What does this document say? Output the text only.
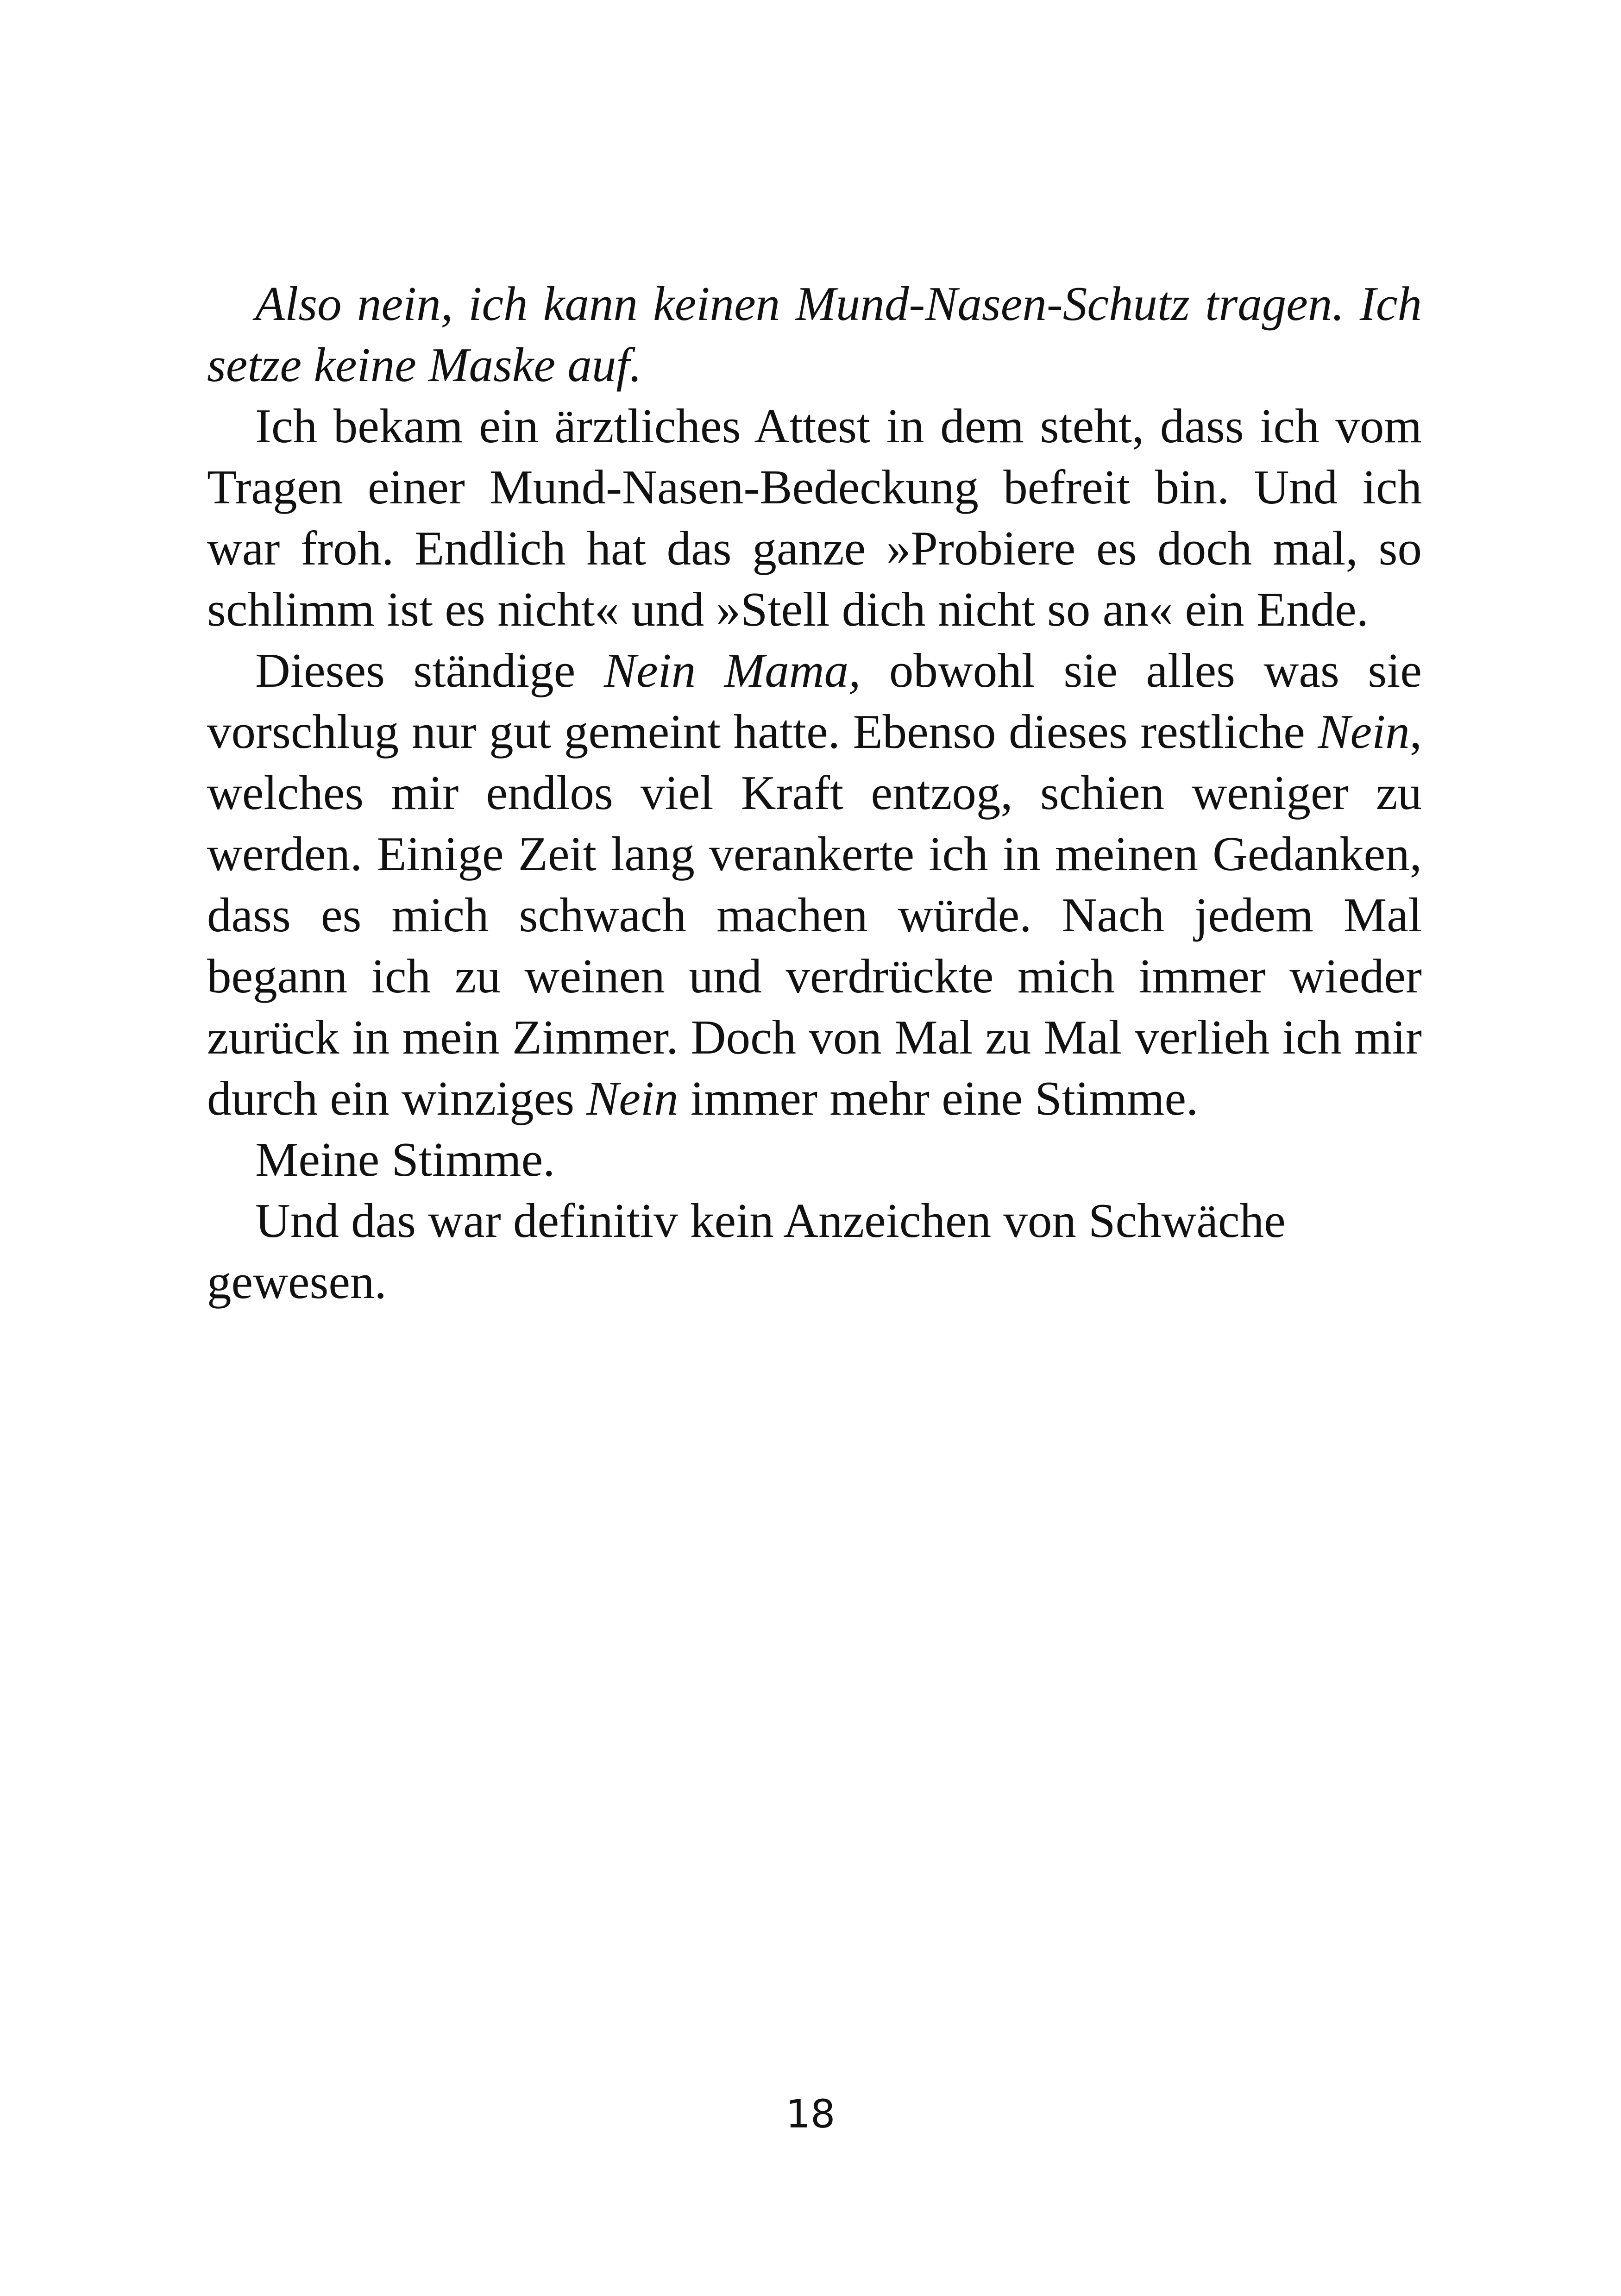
Also nein, ich kann keinen Mund-Nasen-Schutz tragen. Ich setze keine Maske auf.

Ich bekam ein ärztliches Attest in dem steht, dass ich vom Tragen einer Mund-Nasen-Bedeckung befreit bin. Und ich war froh. Endlich hat das ganze »Probiere es doch mal, so schlimm ist es nicht« und »Stell dich nicht so an« ein Ende.

Dieses ständige Nein Mama, obwohl sie alles was sie vorschlug nur gut gemeint hatte. Ebenso dieses restliche Nein, welches mir endlos viel Kraft entzog, schien weniger zu werden. Einige Zeit lang verankerte ich in meinen Gedanken, dass es mich schwach machen würde. Nach jedem Mal begann ich zu weinen und verdrückte mich immer wieder zurück in mein Zimmer. Doch von Mal zu Mal verlieh ich mir durch ein winziges Nein immer mehr eine Stimme.

Meine Stimme.

Und das war definitiv kein Anzeichen von Schwäche gewesen.

18
